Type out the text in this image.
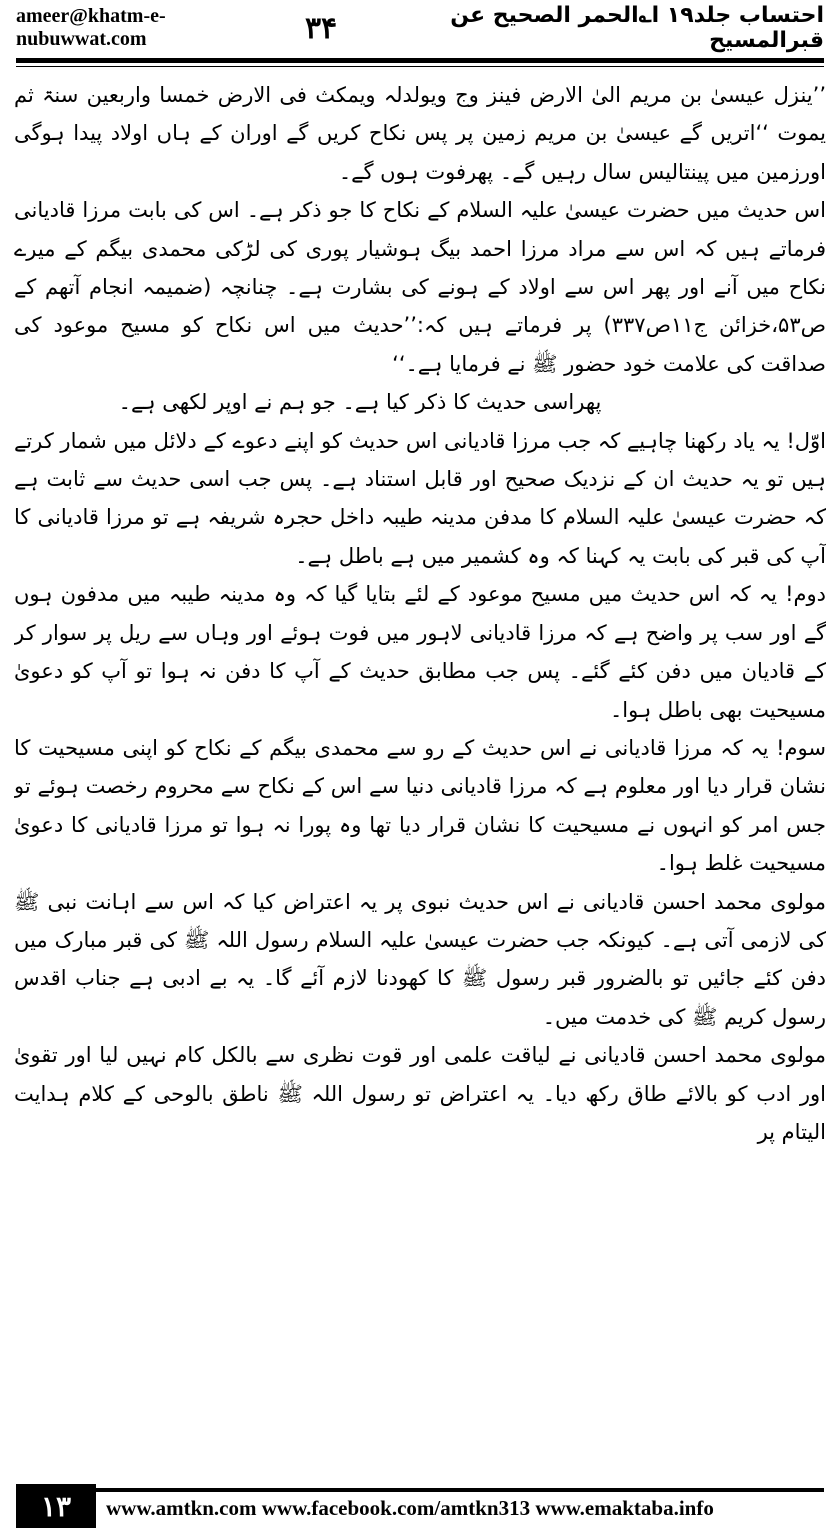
ameer@khatm-e-nubuwwat.com	۳۴	احتساب جلد۱۹ ا؎الحمر الصحیح عن قبرالمسیح

’’ینزل عیسیٰ بن مریم الیٰ الارض فینز وج ویولدلہ ویمکث فی الارض خمسا واربعین سنۃ ثم یموت ‘‘اتریں گے عیسیٰ بن مریم زمین پر پس نکاح کریں گے اوران کے ہاں اولاد پیدا ہوگی اورزمین میں پینتالیس سال رہیں گے۔ پھرفوت ہوں گے۔

اس حدیث میں حضرت عیسیٰ علیہ السلام کے نکاح کا جو ذکر ہے۔ اس کی بابت مرزا قادیانی فرماتے ہیں کہ اس سے مراد مرزا احمد بیگ ہوشیار پوری کی لڑکی محمدی بیگم کے میرے نکاح میں آنے اور پھر اس سے اولاد کے ہونے کی بشارت ہے۔ چنانچہ (ضمیمہ انجام آتھم کے ص۵۳،خزائن ج۱۱ص۳۳۷) پر فرماتے ہیں کہ:’’حدیث میں اس نکاح کو مسیح موعود کی صداقت کی علامت خود حضور ﷺ نے فرمایا ہے۔‘‘

پھراسی حدیث کا ذکر کیا ہے۔ جو ہم نے اوپر لکھی ہے۔

اوّل! یہ یاد رکھنا چاہیے کہ جب مرزا قادیانی اس حدیث کو اپنے دعوے کے دلائل میں شمار کرتے ہیں تو یہ حدیث ان کے نزدیک صحیح اور قابل استناد ہے۔ پس جب اسی حدیث سے ثابت ہے کہ حضرت عیسیٰ علیہ السلام کا مدفن مدینہ طیبہ داخل حجرہ شریفہ ہے تو مرزا قادیانی کا آپ کی قبر کی بابت یہ کہنا کہ وہ کشمیر میں ہے باطل ہے۔

دوم! یہ کہ اس حدیث میں مسیح موعود کے لئے بتایا گیا کہ وہ مدینہ طیبہ میں مدفون ہوں گے اور سب پر واضح ہے کہ مرزا قادیانی لاہور میں فوت ہوئے اور وہاں سے ریل پر سوار کر کے قادیان میں دفن کئے گئے۔ پس جب مطابق حدیث کے آپ کا دفن نہ ہوا تو آپ کو دعویٰ مسیحیت بھی باطل ہوا۔

سوم! یہ کہ مرزا قادیانی نے اس حدیث کے رو سے محمدی بیگم کے نکاح کو اپنی مسیحیت کا نشان قرار دیا اور معلوم ہے کہ مرزا قادیانی دنیا سے اس کے نکاح سے محروم رخصت ہوئے تو جس امر کو انہوں نے مسیحیت کا نشان قرار دیا تھا وہ پورا نہ ہوا تو مرزا قادیانی کا دعویٰ مسیحیت غلط ہوا۔

مولوی محمد احسن قادیانی نے اس حدیث نبوی پر یہ اعتراض کیا کہ اس سے اہانت نبی ﷺ کی لازمی آتی ہے۔ کیونکہ جب حضرت عیسیٰ علیہ السلام رسول اللہ ﷺ کی قبر مبارک میں دفن کئے جائیں تو بالضرور قبر رسول ﷺ کا کھودنا لازم آئے گا۔ یہ بے ادبی ہے جناب اقدس رسول کریم ﷺ کی خدمت میں۔

مولوی محمد احسن قادیانی نے لیاقت علمی اور قوت نظری سے بالکل کام نہیں لیا اور تقویٰ اور ادب کو بالائے طاق رکھ دیا۔ یہ اعتراض تو رسول اللہ ﷺ ناطق بالوحی کے کلام ہدایت الیتام پر

۱۳	www.amtkn.com www.facebook.com/amtkn313 www.emaktaba.info
